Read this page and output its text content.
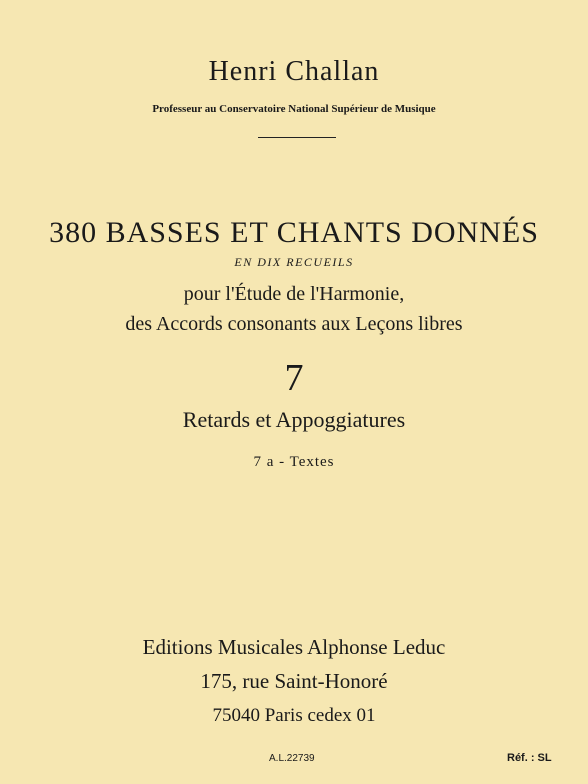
Henri Challan
Professeur au Conservatoire National Supérieur de Musique
380 BASSES ET CHANTS DONNÉS
EN DIX RECUEILS
pour l'Étude de l'Harmonie,
des Accords consonants aux Leçons libres
7
Retards et Appoggiatures
7 a - Textes
Editions Musicales Alphonse Leduc
175, rue Saint-Honoré
75040 Paris cedex 01
A.L.22739	Réf. : SL
